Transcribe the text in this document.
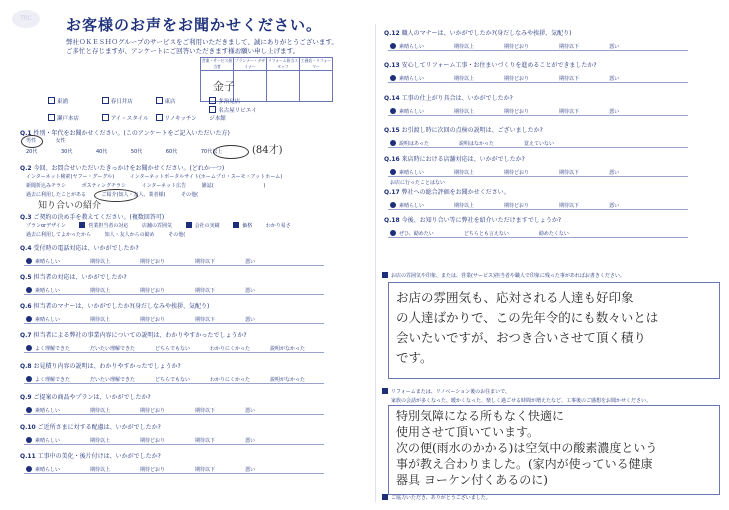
TRC	お客様のお声をお聞かせください。
弊社ＯＫＥＳＨＯグループのサービスをご利用いただきまして、誠にありがとうございます。
ご多忙と存じますが、アンケートにご回答いただきます様お願い申し上げます。
営業・サービス担当者	プランナー・デザイナー	リフォーム担当スタッフ	工務店・リフォーマー

金子
東浦	春日井店	東店	多治見店
瀬戸本店	アイ・スタイル	リノキッチン 名古屋リビエイジ本館
Q.1 性別・年代をお聞かせください。(このアンケートをご記入いただいた方)
男性	女性
20代	30代	40代	50代	60代	70代以上	(84才)
Q.2 今回、お問合せいただいたきっかけをお聞かせください。(どれか一つ)
インターネット検索(ヤフー・グーグル)	インターネットポータルサイト(ホームプロ・スーモ・アットホーム)
新聞折込みチラシ	ポスティングチラシ	インターネット広告	雑誌(	)
過去に利用したことがある	ご紹介(知人・友人、業者様)	その他(
知り合いの紹介
Q.3 ご契約の決め手を教えてください。(複数回答可)
プランorデザイン	営業担当者の対応	店舗の雰囲気	会社の実績	価格	わかり易さ
過去に利用してよかったから	知人・友人からの勧め	その他(
Q.4 受付時の電話対応は、いかがでしたか?
素晴らしい	期待以上	期待どおり	期待以下	悪い
Q.5 担当者の対応は、いかがでしたか?
素晴らしい	期待以上	期待どおり	期待以下	悪い
Q.6 担当者のマナーは、いかがでしたか?(身だしなみや挨拶、気配り)
素晴らしい	期待以上	期待どおり	期待以下	悪い
Q.7 担当者による弊社の事業内容についての説明は、わかりやすかったでしょうか?
よく理解できた	だいたい理解できた	どちらでもない	わかりにくかった	説明がなかった
Q.8 お見積り内容の説明は、わかりやすかったでしょうか?
よく理解できた	だいたい理解できた	どちらでもない	わかりにくかった	説明がなかった
Q.9 ご提案の商品やプランは、いかがでしたか?
素晴らしい	期待以上	期待どおり	期待以下	悪い
Q.10 ご近所さまに対する配慮は、いかがでしたか?
素晴らしい	期待以上	期待どおり	期待以下	悪い
Q.11 工事中の美化・後片付けは、いかがでしたか?
素晴らしい	期待以上	期待どおり	期待以下	悪い
Q.12 職人のマナーは、いかがでしたか?(身だしなみや挨拶、気配り)
素晴らしい	期待以上	期待どおり	期待以下	悪い
Q.13 安心してリフォーム工事・お住まいづくりを進めることができましたか?
素晴らしい	期待以上	期待どおり	期待以下	悪い
Q.14 工事の仕上がり具合は、いかがでしたか?
素晴らしい	期待以上	期待どおり	期待以下	悪い
Q.15 お引渡し時に次回の点検の説明は、ございましたか?
説明はあった	説明はなかった	覚えていない
Q.16 来店時における店舗対応は、いかがでしたか?
素晴らしい	期待以上	期待どおり	期待以下	悪い
お店に行ったことはない
Q.17 弊社への総合評価をお聞かせください。
素晴らしい	期待以上	期待どおり	期待以下	悪い
Q.18 今後、お知り合い等に弊社を紹介いただけますでしょうか?
ぜひ、勧めたい	どちらとも言えない	勧めたくない
お店の雰囲気や印象、または、営業(サービス)担当者や職人で印象に残った事があればお書きください。
お店の雰囲気も、応対される人達も好印象
の人達ばかりで、この先年令的にも数々いとは
会いたいですが、おつき合いさせて頂く積り
です。
リフォームまたは、リノベーション後のお住まいで、
家族の会話が多くなった、暖かくなった、楽しく過ごせる時間が増えたなど、工事後のご感想をお聞かせください。
特別気障になる所もなく快適に
使用させて頂いています。
次の便(雨水のかかる)は空気中の酸素濃度という
事が教え合わりました。(家内が使っている健康
器具 ヨーケン付くあるのに)
ご協力いただき、ありがとうございました。
